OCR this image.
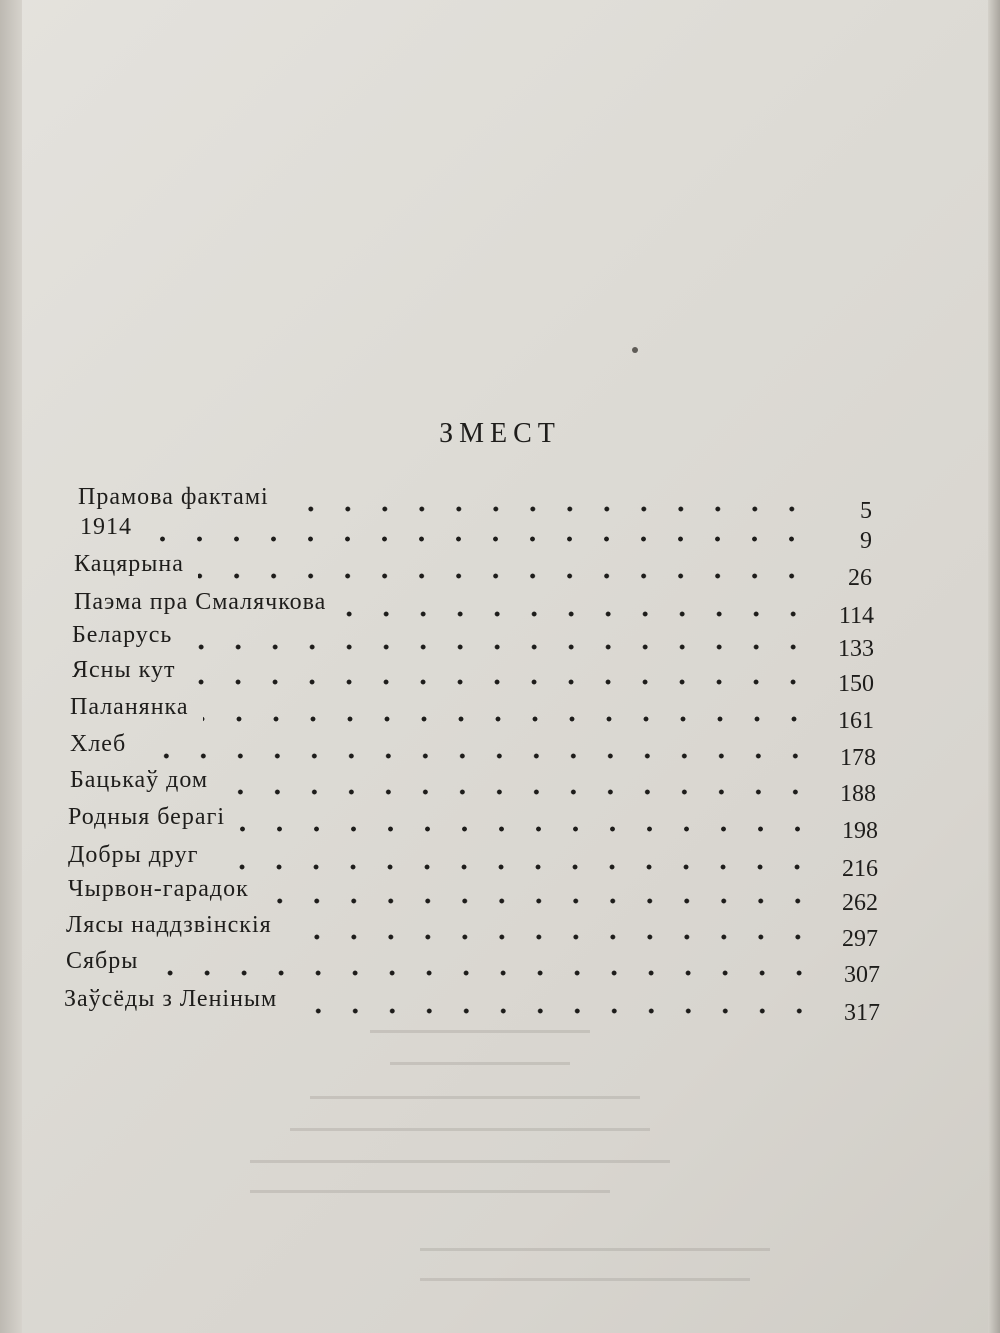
ЗМЕСТ
Прамова фактамі
5
1914
9
Кацярына
26
Паэма пра Смалячкова
114
Беларусь
133
Ясны кут
150
Паланянка
161
Хлеб
178
Бацькаў дом
188
Родныя берагі
198
Добры друг
216
Чырвон-гарадок
262
Лясы наддзвінскія
297
Сябры
307
Заўсёды з Леніным
317
